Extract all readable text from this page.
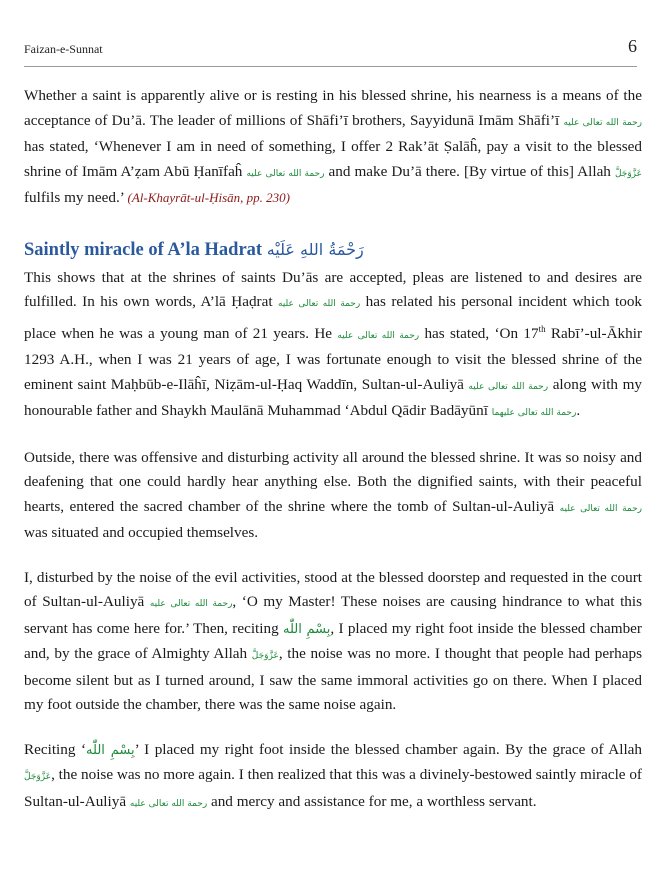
Faizan-e-Sunnat	6

Whether a saint is apparently alive or is resting in his blessed shrine, his nearness is a means of the acceptance of Du’ā. The leader of millions of Shāfi’ī brothers, Sayyidunā Imām Shāfi’ī رحمة الله تعالى عليه has stated, ‘Whenever I am in need of something, I offer 2 Rak’āt Ṣalāĥ, pay a visit to the blessed shrine of Imām A’ẓam Abū Ḥanīfaĥ رحمة الله تعالى عليه and make Du’ā there. [By virtue of this] Allah عَزَّوَجَلَّ fulfils my need.’ (Al-Khayrāt-ul-Ḥisān, pp. 230)

Saintly miracle of A’la Hadrat رَحْمَةُ اللهِ عَلَيْه

This shows that at the shrines of saints Du’ās are accepted, pleas are listened to and desires are fulfilled. In his own words, A’lā Ḥaḍrat رحمة الله تعالى عليه has related his personal incident which took place when he was a young man of 21 years. He رحمة الله تعالى عليه has stated, ‘On 17th Rabī’-ul-Ākhir 1293 A.H., when I was 21 years of age, I was fortunate enough to visit the blessed shrine of the eminent saint Maḥbūb-e-Ilāĥī, Niẓām-ul-Ḥaq Waddīn, Sultan-ul-Auliyā رحمة الله تعالى عليه along with my honourable father and Shaykh Maulānā Muhammad ‘Abdul Qādir Badāyūnī رحمة الله تعالى عليهما.

Outside, there was offensive and disturbing activity all around the blessed shrine. It was so noisy and deafening that one could hardly hear anything else. Both the dignified saints, with their peaceful hearts, entered the sacred chamber of the shrine where the tomb of Sultan-ul-Auliyā رحمة الله تعالى عليه was situated and occupied themselves.

I, disturbed by the noise of the evil activities, stood at the blessed doorstep and requested in the court of Sultan-ul-Auliyā رحمة الله تعالى عليه, ‘O my Master! These noises are causing hindrance to what this servant has come here for.’ Then, reciting بِسْمِ اللّٰه, I placed my right foot inside the blessed chamber and, by the grace of Almighty Allah عَزَّوَجَلَّ, the noise was no more. I thought that people had perhaps become silent but as I turned around, I saw the same immoral activities go on there. When I placed my foot outside the chamber, there was the same noise again.

Reciting ‘بِسْمِ اللّٰه’ I placed my right foot inside the blessed chamber again. By the grace of Allah عَزَّوَجَلَّ, the noise was no more again. I then realized that this was a divinely-bestowed saintly miracle of Sultan-ul-Auliyā رحمة الله تعالى عليه and mercy and assistance for me, a worthless servant.
